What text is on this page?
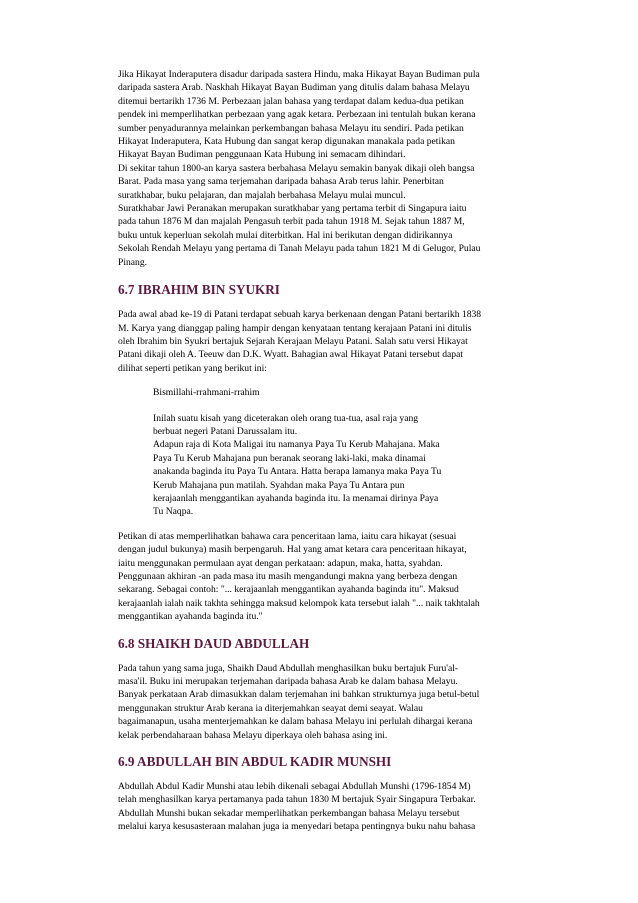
Jika Hikayat Inderaputera disadur daripada sastera Hindu, maka Hikayat Bayan Budiman pula
daripada sastera Arab. Naskhah Hikayat Bayan Budiman yang ditulis dalam bahasa Melayu
ditemui bertarikh 1736 M. Perbezaan jalan bahasa yang terdapat dalam kedua-dua petikan
pendek ini memperlihatkan perbezaan yang agak ketara. Perbezaan ini tentulah bukan kerana
sumber penyadurannya melainkan perkembangan bahasa Melayu itu sendiri. Pada petikan
Hikayat Inderaputera, Kata Hubung dan sangat kerap digunakan manakala pada petikan
Hikayat Bayan Budiman penggunaan Kata Hubung ini semacam dihindari.
Di sekitar tahun 1800-an karya sastera berbahasa Melayu semakin banyak dikaji oleh bangsa
Barat. Pada masa yang sama terjemahan daripada bahasa Arab terus lahir. Penerbitan
suratkhabar, buku pelajaran, dan majalah berbahasa Melayu mulai muncul.
Suratkhabar Jawi Peranakan merupakan suratkhabar yang pertama terbit di Singapura iaitu
pada tahun 1876 M dan majalah Pengasuh terbit pada tahun 1918 M. Sejak tahun 1887 M,
buku untuk keperluan sekolah mulai diterbitkan. Hal ini berikutan dengan didirikannya
Sekolah Rendah Melayu yang pertama di Tanah Melayu pada tahun 1821 M di Gelugor, Pulau
Pinang.

6.7 IBRAHIM BIN SYUKRI

Pada awal abad ke-19 di Patani terdapat sebuah karya berkenaan dengan Patani bertarikh 1838
M. Karya yang dianggap paling hampir dengan kenyataan tentang kerajaan Patani ini ditulis
oleh Ibrahim bin Syukri bertajuk Sejarah Kerajaan Melayu Patani. Salah satu versi Hikayat
Patani dikaji oleh A. Teeuw dan D.K. Wyatt. Bahagian awal Hikayat Patani tersebut dapat
dilihat seperti petikan yang berikut ini:

Bismillahi-rrahmani-rrahim

Inilah suatu kisah yang diceterakan oleh orang tua-tua, asal raja yang
berbuat negeri Patani Darussalam itu.
Adapun raja di Kota Maligai itu namanya Paya Tu Kerub Mahajana. Maka
Paya Tu Kerub Mahajana pun beranak seorang laki-laki, maka dinamai
anakanda baginda itu Paya Tu Antara. Hatta berapa lamanya maka Paya Tu
Kerub Mahajana pun matilah. Syahdan maka Paya Tu Antara pun
kerajaanlah menggantikan ayahanda baginda itu. Ia menamai dirinya Paya
Tu Naqpa.

Petikan di atas memperlihatkan bahawa cara penceritaan lama, iaitu cara hikayat (sesuai
dengan judul bukunya) masih berpengaruh. Hal yang amat ketara cara penceritaan hikayat,
iaitu menggunakan permulaan ayat dengan perkataan: adapun, maka, hatta, syahdan.
Penggunaan akhiran -an pada masa itu masih mengandungi makna yang berbeza dengan
sekarang. Sebagai contoh: "... kerajaanlah menggantikan ayahanda baginda itu". Maksud
kerajaanlah ialah naik takhta sehingga maksud kelompok kata tersebut ialah "... naik takhtalah
menggantikan ayahanda baginda itu."

6.8 SHAIKH DAUD ABDULLAH

Pada tahun yang sama juga, Shaikh Daud Abdullah menghasilkan buku bertajuk Furu'al-
masa'il. Buku ini merupakan terjemahan daripada bahasa Arab ke dalam bahasa Melayu.
Banyak perkataan Arab dimasukkan dalam terjemahan ini bahkan strukturnya juga betul-betul
menggunakan struktur Arab kerana ia diterjemahkan seayat demi seayat. Walau
bagaimanapun, usaha menterjemahkan ke dalam bahasa Melayu ini perlulah dihargai kerana
kelak perbendaharaan bahasa Melayu diperkaya oleh bahasa asing ini.

6.9 ABDULLAH BIN ABDUL KADIR MUNSHI

Abdullah Abdul Kadir Munshi atau lebih dikenali sebagai Abdullah Munshi (1796-1854 M)
telah menghasilkan karya pertamanya pada tahun 1830 M bertajuk Syair Singapura Terbakar.
Abdullah Munshi bukan sekadar memperlihatkan perkembangan bahasa Melayu tersebut
melalui karya kesusasteraan malahan juga ia menyedari betapa pentingnya buku nahu bahasa
